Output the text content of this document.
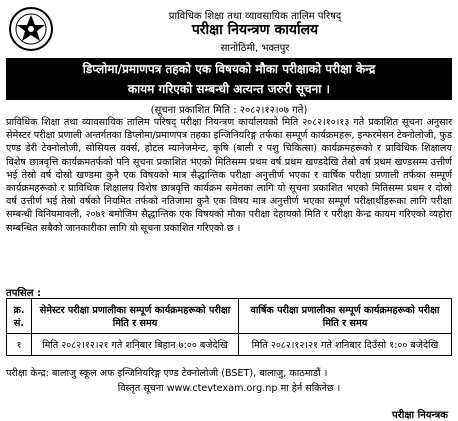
प्राविधिक शिक्षा तथा व्यावसायिक तालिम परिषद्
परीक्षा नियन्त्रण कार्यालय
सानोठिमी, भक्तपुर
डिप्लोमा/प्रमाणपत्र तहको एक विषयको मौका परीक्षाको परीक्षा केन्द्र
कायम गरिएको सम्बन्धी अत्यन्त जरुरी सूचना ।
(सूचना प्रकाशित मिति : २०८२।१२।०७ गते)
प्राविधिक शिक्षा तथा व्यावसायिक तालिम परिषद् परीक्षा नियन्त्रण कार्यालयको मिति २०८२।१०।१३ गते प्रकाशित सूचना अनुसार सेमेस्टर परीक्षा प्रणाली अन्तर्गतका डिप्लोमा/प्रमाणपत्र तहका इन्जिनियरिङ्ग तर्फका सम्पूर्ण कार्यक्रमहरू, इन्फरमेसन टेक्नोलोजी, फुड एण्ड डेरी टेक्नोलोजी, सोसियल वर्क्स, होटल म्यानेजमेन्ट, कृषि (बाली र पशु चिकित्सा) कार्यक्रमहरूको र प्राविधिक शिक्षालय विशेष छात्रवृत्ति कार्यक्रमतर्फको पनि सूचना प्रकाशित भएको मितिसम्म प्रथम वर्ष प्रथम खण्डदेखि तेस्रो वर्ष प्रथम खण्डसम्म उत्तीर्ण भई तेस्रो वर्ष दोस्रो खण्डमा कुनै एक विषयको मात्र सैद्धान्तिक परीक्षा अनुत्तीर्ण भएका र वार्षिक परीक्षा प्रणाली तर्फका सम्पूर्ण कार्यक्रमहरूको र प्राविधिक शिक्षालय विशेष छात्रवृत्ति कार्यक्रम समेतका लागि यो सूचना प्रकाशित भएको मितिसम्म प्रथम र दोस्रो वर्ष उत्तीर्ण भई तेस्रो वर्षको नियमित तर्फको नतिजामा कुनै एक विषय मात्र अनुत्तीर्ण भएका सम्पूर्ण परीक्षार्थीहरूका लागि परीक्षा सम्बन्धी विनियमावली, २०७१ बमोजिम सैद्धान्तिक एक विषयको मौका परीक्षा देहायको मिति र परीक्षा केन्द्र कायम गरिएको व्यहोरा सम्बन्धित सबैको जानकारीका लागि यो सूचना प्रकाशित गरिएको छ ।
तपसिल :
क्र. सं.	सेमेस्टर परीक्षा प्रणालीका सम्पूर्ण कार्यक्रमहरूको परीक्षा मिति र समय	वार्षिक परीक्षा प्रणालीका सम्पूर्ण कार्यक्रमहरूको परीक्षा मिति र समय
१	मिति २०८२।१२।२१ गते शनिबार बिहान ७:०० बजेदेखि	मिति २०८२।१२।२१ गते शनिबार दिउँसो १:०० बजेदेखि
परीक्षा केन्द्र: बालाजु स्कूल अफ इन्जिनियरिङ्ग एण्ड टेक्नोलोजी (BSET), बालाजु, काठमाडौं ।
विस्तृत सूचना www.ctevtexam.org.np मा हेर्न सकिनेछ ।
परीक्षा नियन्त्रक
